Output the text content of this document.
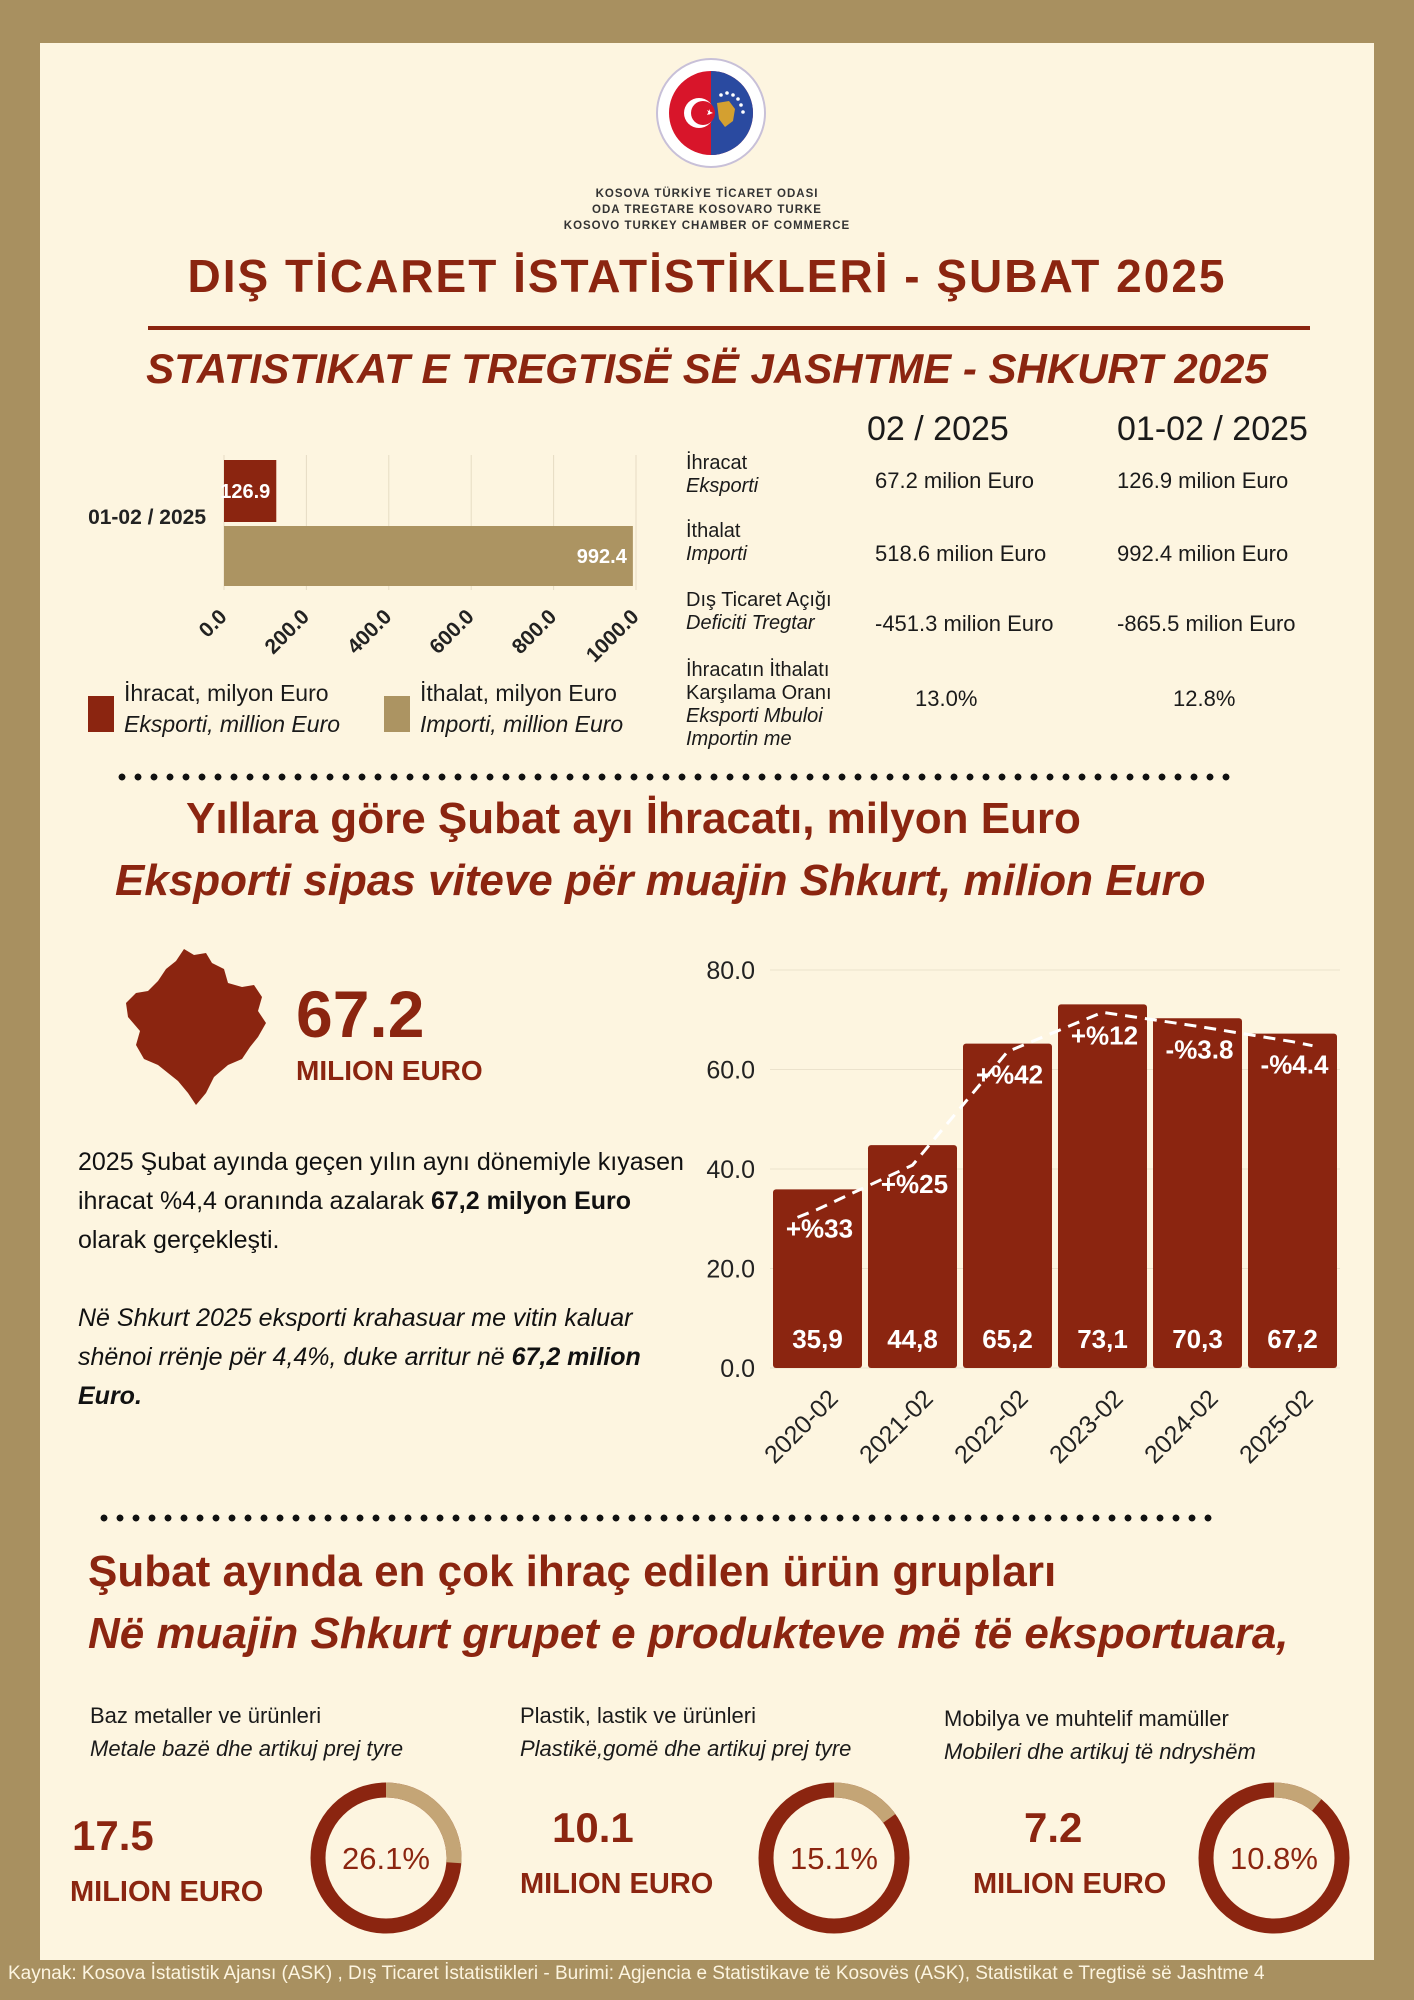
KOSOVA TÜRKİYE TİCARET ODASI
ODA TREGTARE KOSOVARO TURKE
KOSOVO TURKEY CHAMBER OF COMMERCE
DIŞ TİCARET İSTATİSTİKLERİ - ŞUBAT 2025
STATISTIKAT E TREGTISË SË JASHTME - SHKURT 2025
0.0 200.0 400.0 600.0 800.0 1000.0
01-02 / 2025
126.9
992.4
İhracat, milyon Euro
Eksporti, million Euro
İthalat, milyon Euro
Importi, million Euro
02 / 2025	01-02 / 2025
İhracat
Eksporti	67.2 milion Euro	126.9 milion Euro
İthalat
Importi	518.6 milion Euro	992.4 milion Euro
Dış Ticaret Açığı
Deficiti Tregtar	-451.3 milion Euro	-865.5 milion Euro
İhracatın İthalatı Karşılama Oranı
Eksporti Mbuloi Importin me
13.0%	12.8%
Yıllara göre Şubat ayı İhracatı, milyon Euro
Eksporti sipas viteve për muajin Shkurt, milion Euro
67.2
MILION EURO
2025 Şubat ayında geçen yılın aynı dönemiyle kıyasen ihracat %4,4 oranında azalarak 67,2 milyon Euro olarak gerçekleşti.
Në Shkurt 2025 eksporti krahasuar me vitin kaluar shënoi rrënje për 4,4%, duke arritur në 67,2 milion Euro.
0.0
20.0
40.0
60.0
80.0
35,9
+%33
2020-02
44,8
+%25
2021-02
65,2
+%42
2022-02
73,1
+%12
2023-02
70,3
-%3.8
2024-02
67,2
-%4.4
2025-02
Şubat ayında en çok ihraç edilen ürün grupları
Në muajin Shkurt grupet e produkteve më të eksportuara,
Baz metaller ve ürünleri
Metale bazë dhe artikuj prej tyre
17.5
MILION EURO
26.1%
Plastik, lastik ve ürünleri
Plastikë,gomë dhe artikuj prej tyre
10.1
MILION EURO
15.1%
Mobilya ve muhtelif mamüller
Mobileri dhe artikuj të ndryshëm
7.2
MILION EURO
10.8%
Kaynak: Kosova İstatistik Ajansı (ASK) , Dış Ticaret İstatistikleri - Burimi: Agjencia e Statistikave të Kosovës (ASK), Statistikat e Tregtisë së Jashtme 4
